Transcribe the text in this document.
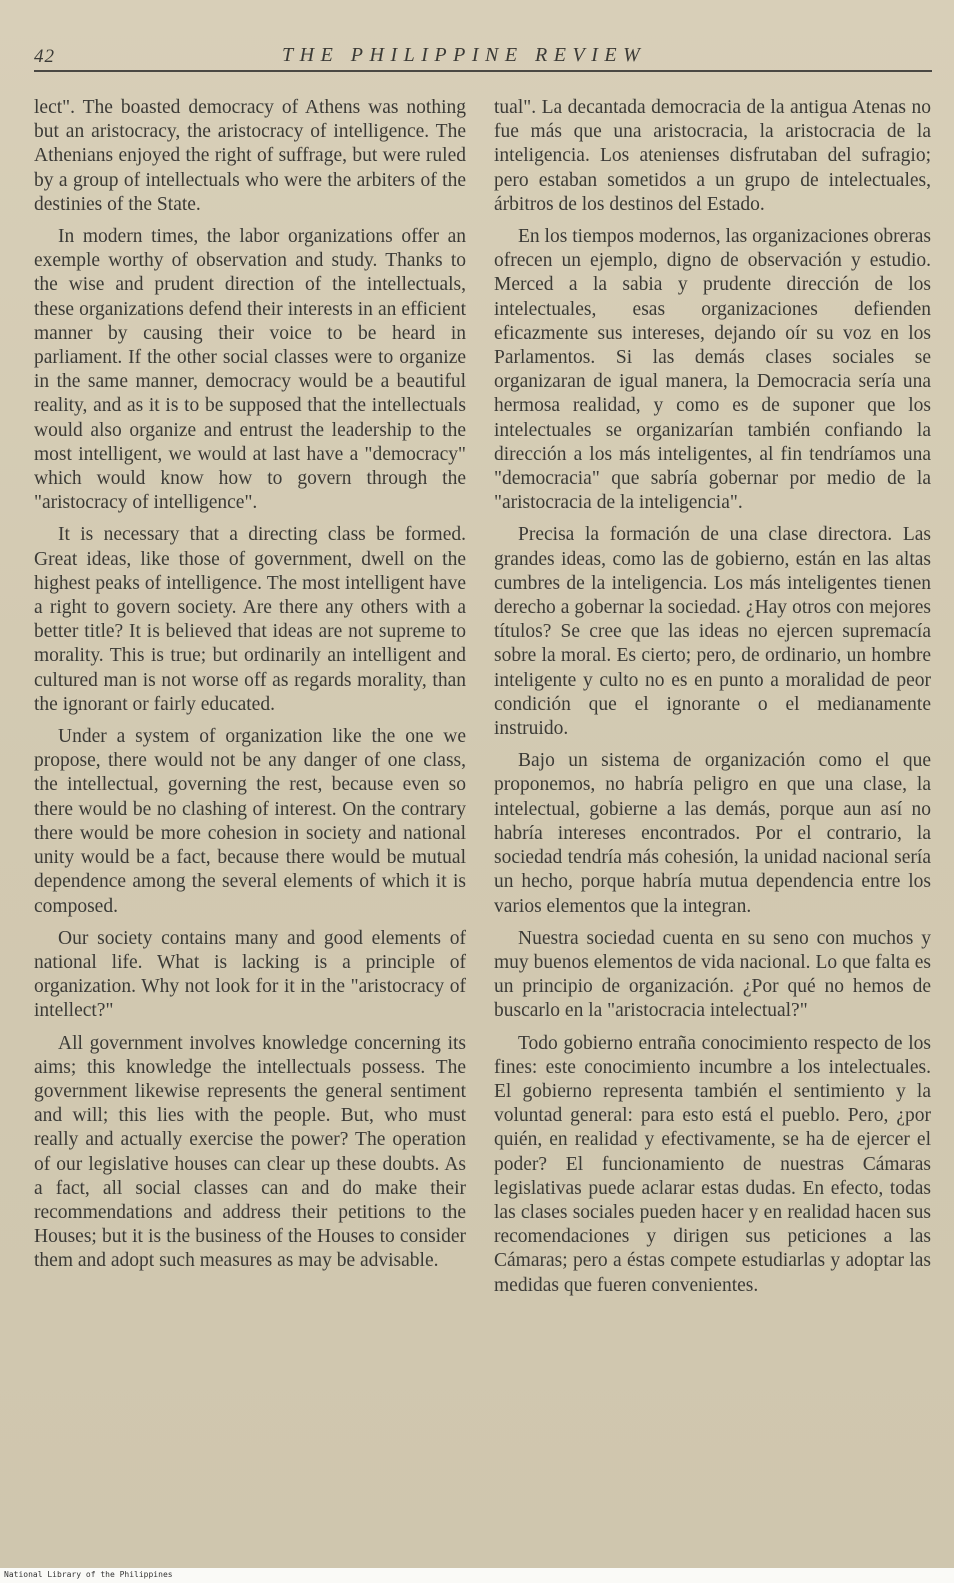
42	THE PHILIPPINE REVIEW

lect". The boasted democracy of Athens was nothing but an aristocracy, the aristocracy of intelligence. The Athenians enjoyed the right of suffrage, but were ruled by a group of intellectuals who were the arbiters of the destinies of the State.

In modern times, the labor organizations offer an exemple worthy of observation and study. Thanks to the wise and prudent direction of the intellectuals, these organizations defend their interests in an efficient manner by causing their voice to be heard in parliament. If the other social classes were to organize in the same manner, democracy would be a beautiful reality, and as it is to be supposed that the intellectuals would also organize and entrust the leadership to the most intelligent, we would at last have a "democracy" which would know how to govern through the "aristocracy of intelligence".

It is necessary that a directing class be formed. Great ideas, like those of government, dwell on the highest peaks of intelligence. The most intelligent have a right to govern society. Are there any others with a better title? It is believed that ideas are not supreme to morality. This is true; but ordinarily an intelligent and cultured man is not worse off as regards morality, than the ignorant or fairly educated.

Under a system of organization like the one we propose, there would not be any danger of one class, the intellectual, governing the rest, because even so there would be no clashing of interest. On the contrary there would be more cohesion in society and national unity would be a fact, because there would be mutual dependence among the several elements of which it is composed.

Our society contains many and good elements of national life. What is lacking is a principle of organization. Why not look for it in the "aristocracy of intellect?"

All government involves knowledge concerning its aims; this knowledge the intellectuals possess. The government likewise represents the general sentiment and will; this lies with the people. But, who must really and actually exercise the power? The operation of our legislative houses can clear up these doubts. As a fact, all social classes can and do make their recommendations and address their petitions to the Houses; but it is the business of the Houses to consider them and adopt such measures as may be advisable.

tual". La decantada democracia de la antigua Atenas no fue más que una aristocracia, la aristocracia de la inteligencia. Los atenienses disfrutaban del sufragio; pero estaban sometidos a un grupo de intelectuales, árbitros de los destinos del Estado.

En los tiempos modernos, las organizaciones obreras ofrecen un ejemplo, digno de observación y estudio. Merced a la sabia y prudente dirección de los intelectuales, esas organizaciones defienden eficazmente sus intereses, dejando oír su voz en los Parlamentos. Si las demás clases sociales se organizaran de igual manera, la Democracia sería una hermosa realidad, y como es de suponer que los intelectuales se organizarían también confiando la dirección a los más inteligentes, al fin tendríamos una "democracia" que sabría gobernar por medio de la "aristocracia de la inteligencia".

Precisa la formación de una clase directora. Las grandes ideas, como las de gobierno, están en las altas cumbres de la inteligencia. Los más inteligentes tienen derecho a gobernar la sociedad. ¿Hay otros con mejores títulos? Se cree que las ideas no ejercen supremacía sobre la moral. Es cierto; pero, de ordinario, un hombre inteligente y culto no es en punto a moralidad de peor condición que el ignorante o el medianamente instruido.

Bajo un sistema de organización como el que proponemos, no habría peligro en que una clase, la intelectual, gobierne a las demás, porque aun así no habría intereses encontrados. Por el contrario, la sociedad tendría más cohesión, la unidad nacional sería un hecho, porque habría mutua dependencia entre los varios elementos que la integran.

Nuestra sociedad cuenta en su seno con muchos y muy buenos elementos de vida nacional. Lo que falta es un principio de organización. ¿Por qué no hemos de buscarlo en la "aristocracia intelectual?"

Todo gobierno entraña conocimiento respecto de los fines: este conocimiento incumbre a los intelectuales. El gobierno representa también el sentimiento y la voluntad general: para esto está el pueblo. Pero, ¿por quién, en realidad y efectivamente, se ha de ejercer el poder? El funcionamiento de nuestras Cámaras legislativas puede aclarar estas dudas. En efecto, todas las clases sociales pueden hacer y en realidad hacen sus recomendaciones y dirigen sus peticiones a las Cámaras; pero a éstas compete estudiarlas y adoptar las medidas que fueren convenientes.

National Library of the Philippines
